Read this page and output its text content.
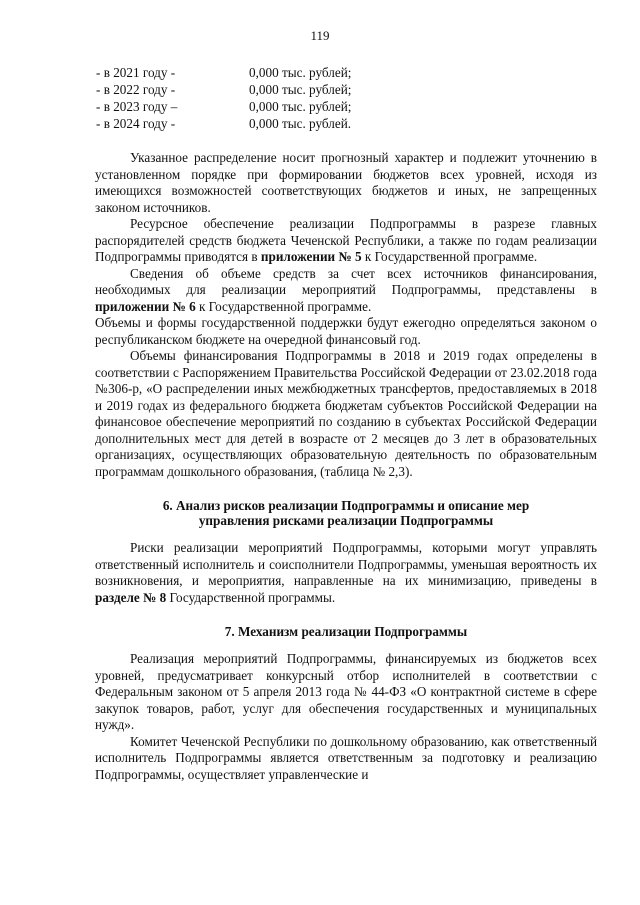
119
- в 2021 году -	0,000 тыс. рублей;
- в 2022 году -	0,000 тыс. рублей;
- в 2023 году –	0,000 тыс. рублей;
- в 2024 году -	0,000 тыс. рублей.

Указанное распределение носит прогнозный характер и подлежит уточнению в установленном порядке при формировании бюджетов всех уровней, исходя из имеющихся возможностей соответствующих бюджетов и иных, не запрещенных законом источников.

Ресурсное обеспечение реализации Подпрограммы в разрезе главных распорядителей средств бюджета Чеченской Республики, а также по годам реализации Подпрограммы приводятся в приложении № 5 к Государственной программе.

Сведения об объеме средств за счет всех источников финансирования, необходимых для реализации мероприятий Подпрограммы, представлены в приложении № 6 к Государственной программе.

Объемы и формы государственной поддержки будут ежегодно определяться законом о республиканском бюджете на очередной финансовый год.

Объемы финансирования Подпрограммы в 2018 и 2019 годах определены в соответствии с Распоряжением Правительства Российской Федерации от 23.02.2018 года №306-р, «О распределении иных межбюджетных трансфертов, предоставляемых в 2018 и 2019 годах из федерального бюджета бюджетам субъектов Российской Федерации на финансовое обеспечение мероприятий по созданию в субъектах Российской Федерации дополнительных мест для детей в возрасте от 2 месяцев до 3 лет в образовательных организациях, осуществляющих образовательную деятельность по образовательным программам дошкольного образования, (таблица № 2,3).

6. Анализ рисков реализации Подпрограммы и описание мер
управления рисками реализации Подпрограммы

Риски реализации мероприятий Подпрограммы, которыми могут управлять ответственный исполнитель и соисполнители Подпрограммы, уменьшая вероятность их возникновения, и мероприятия, направленные на их минимизацию, приведены в разделе № 8 Государственной программы.

7. Механизм реализации Подпрограммы

Реализация мероприятий Подпрограммы, финансируемых из бюджетов всех уровней, предусматривает конкурсный отбор исполнителей в соответствии с Федеральным законом от 5 апреля 2013 года № 44-ФЗ «О контрактной системе в сфере закупок товаров, работ, услуг для обеспечения государственных и муниципальных нужд».

Комитет Чеченской Республики по дошкольному образованию, как ответственный исполнитель Подпрограммы является ответственным за подготовку и реализацию Подпрограммы, осуществляет управленческие и
